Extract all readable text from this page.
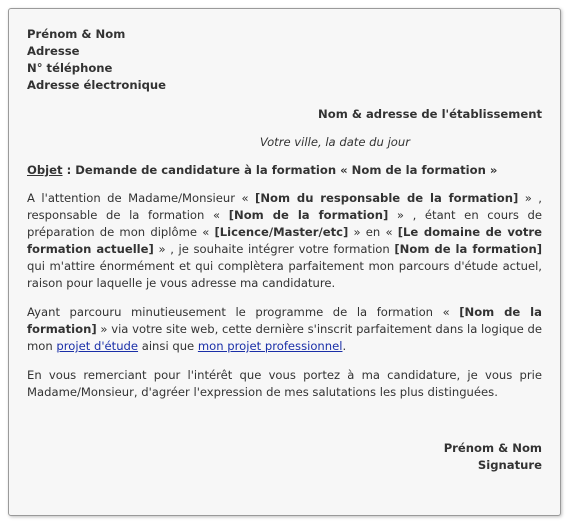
Prénom & Nom
Adresse
N° téléphone
Adresse électronique
Nom & adresse de l'établissement
Votre ville, la date du jour
Objet : Demande de candidature à la formation « Nom de la formation »

A l'attention de Madame/Monsieur « [Nom du responsable de la formation] » , responsable de la formation « [Nom de la formation] » , étant en cours de préparation de mon diplôme « [Licence/Master/etc] » en « [Le domaine de votre formation actuelle] » , je souhaite intégrer votre formation [Nom de la formation] qui m'attire énormément et qui complètera parfaitement mon parcours d'étude actuel, raison pour laquelle je vous adresse ma candidature.

Ayant parcouru minutieusement le programme de la formation « [Nom de la formation] » via votre site web, cette dernière s'inscrit parfaitement dans la logique de mon projet d'étude ainsi que mon projet professionnel.

En vous remerciant pour l'intérêt que vous portez à ma candidature, je vous prie Madame/Monsieur, d'agréer l'expression de mes salutations les plus distinguées.

Prénom & Nom
Signature
